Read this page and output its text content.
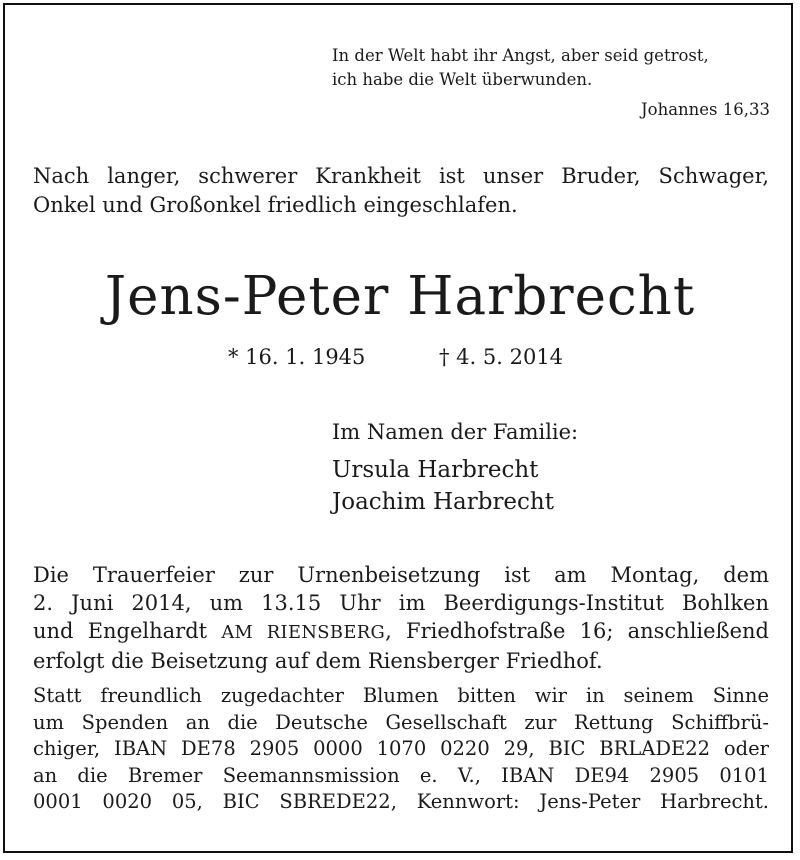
In der Welt habt ihr Angst, aber seid getrost,
ich habe die Welt überwunden.
Johannes 16,33
Nach langer, schwerer Krankheit ist unser Bruder, Schwager,
Onkel und Großonkel friedlich eingeschlafen.
Jens-Peter Harbrecht
* 16. 1. 1945	† 4. 5. 2014
Im Namen der Familie:
Ursula Harbrecht
Joachim Harbrecht
Die Trauerfeier zur Urnenbeisetzung ist am Montag, dem
2. Juni 2014, um 13.15 Uhr im Beerdigungs-Institut Bohlken
und Engelhardt AM RIENSBERG, Friedhofstraße 16; anschließend
erfolgt die Beisetzung auf dem Riensberger Friedhof.
Statt freundlich zugedachter Blumen bitten wir in seinem Sinne
um Spenden an die Deutsche Gesellschaft zur Rettung Schiffbrü-
chiger, IBAN DE78 2905 0000 1070 0220 29, BIC BRLADE22 oder
an die Bremer Seemannsmission e. V., IBAN DE94 2905 0101
0001 0020 05, BIC SBREDE22, Kennwort: Jens-Peter Harbrecht.
